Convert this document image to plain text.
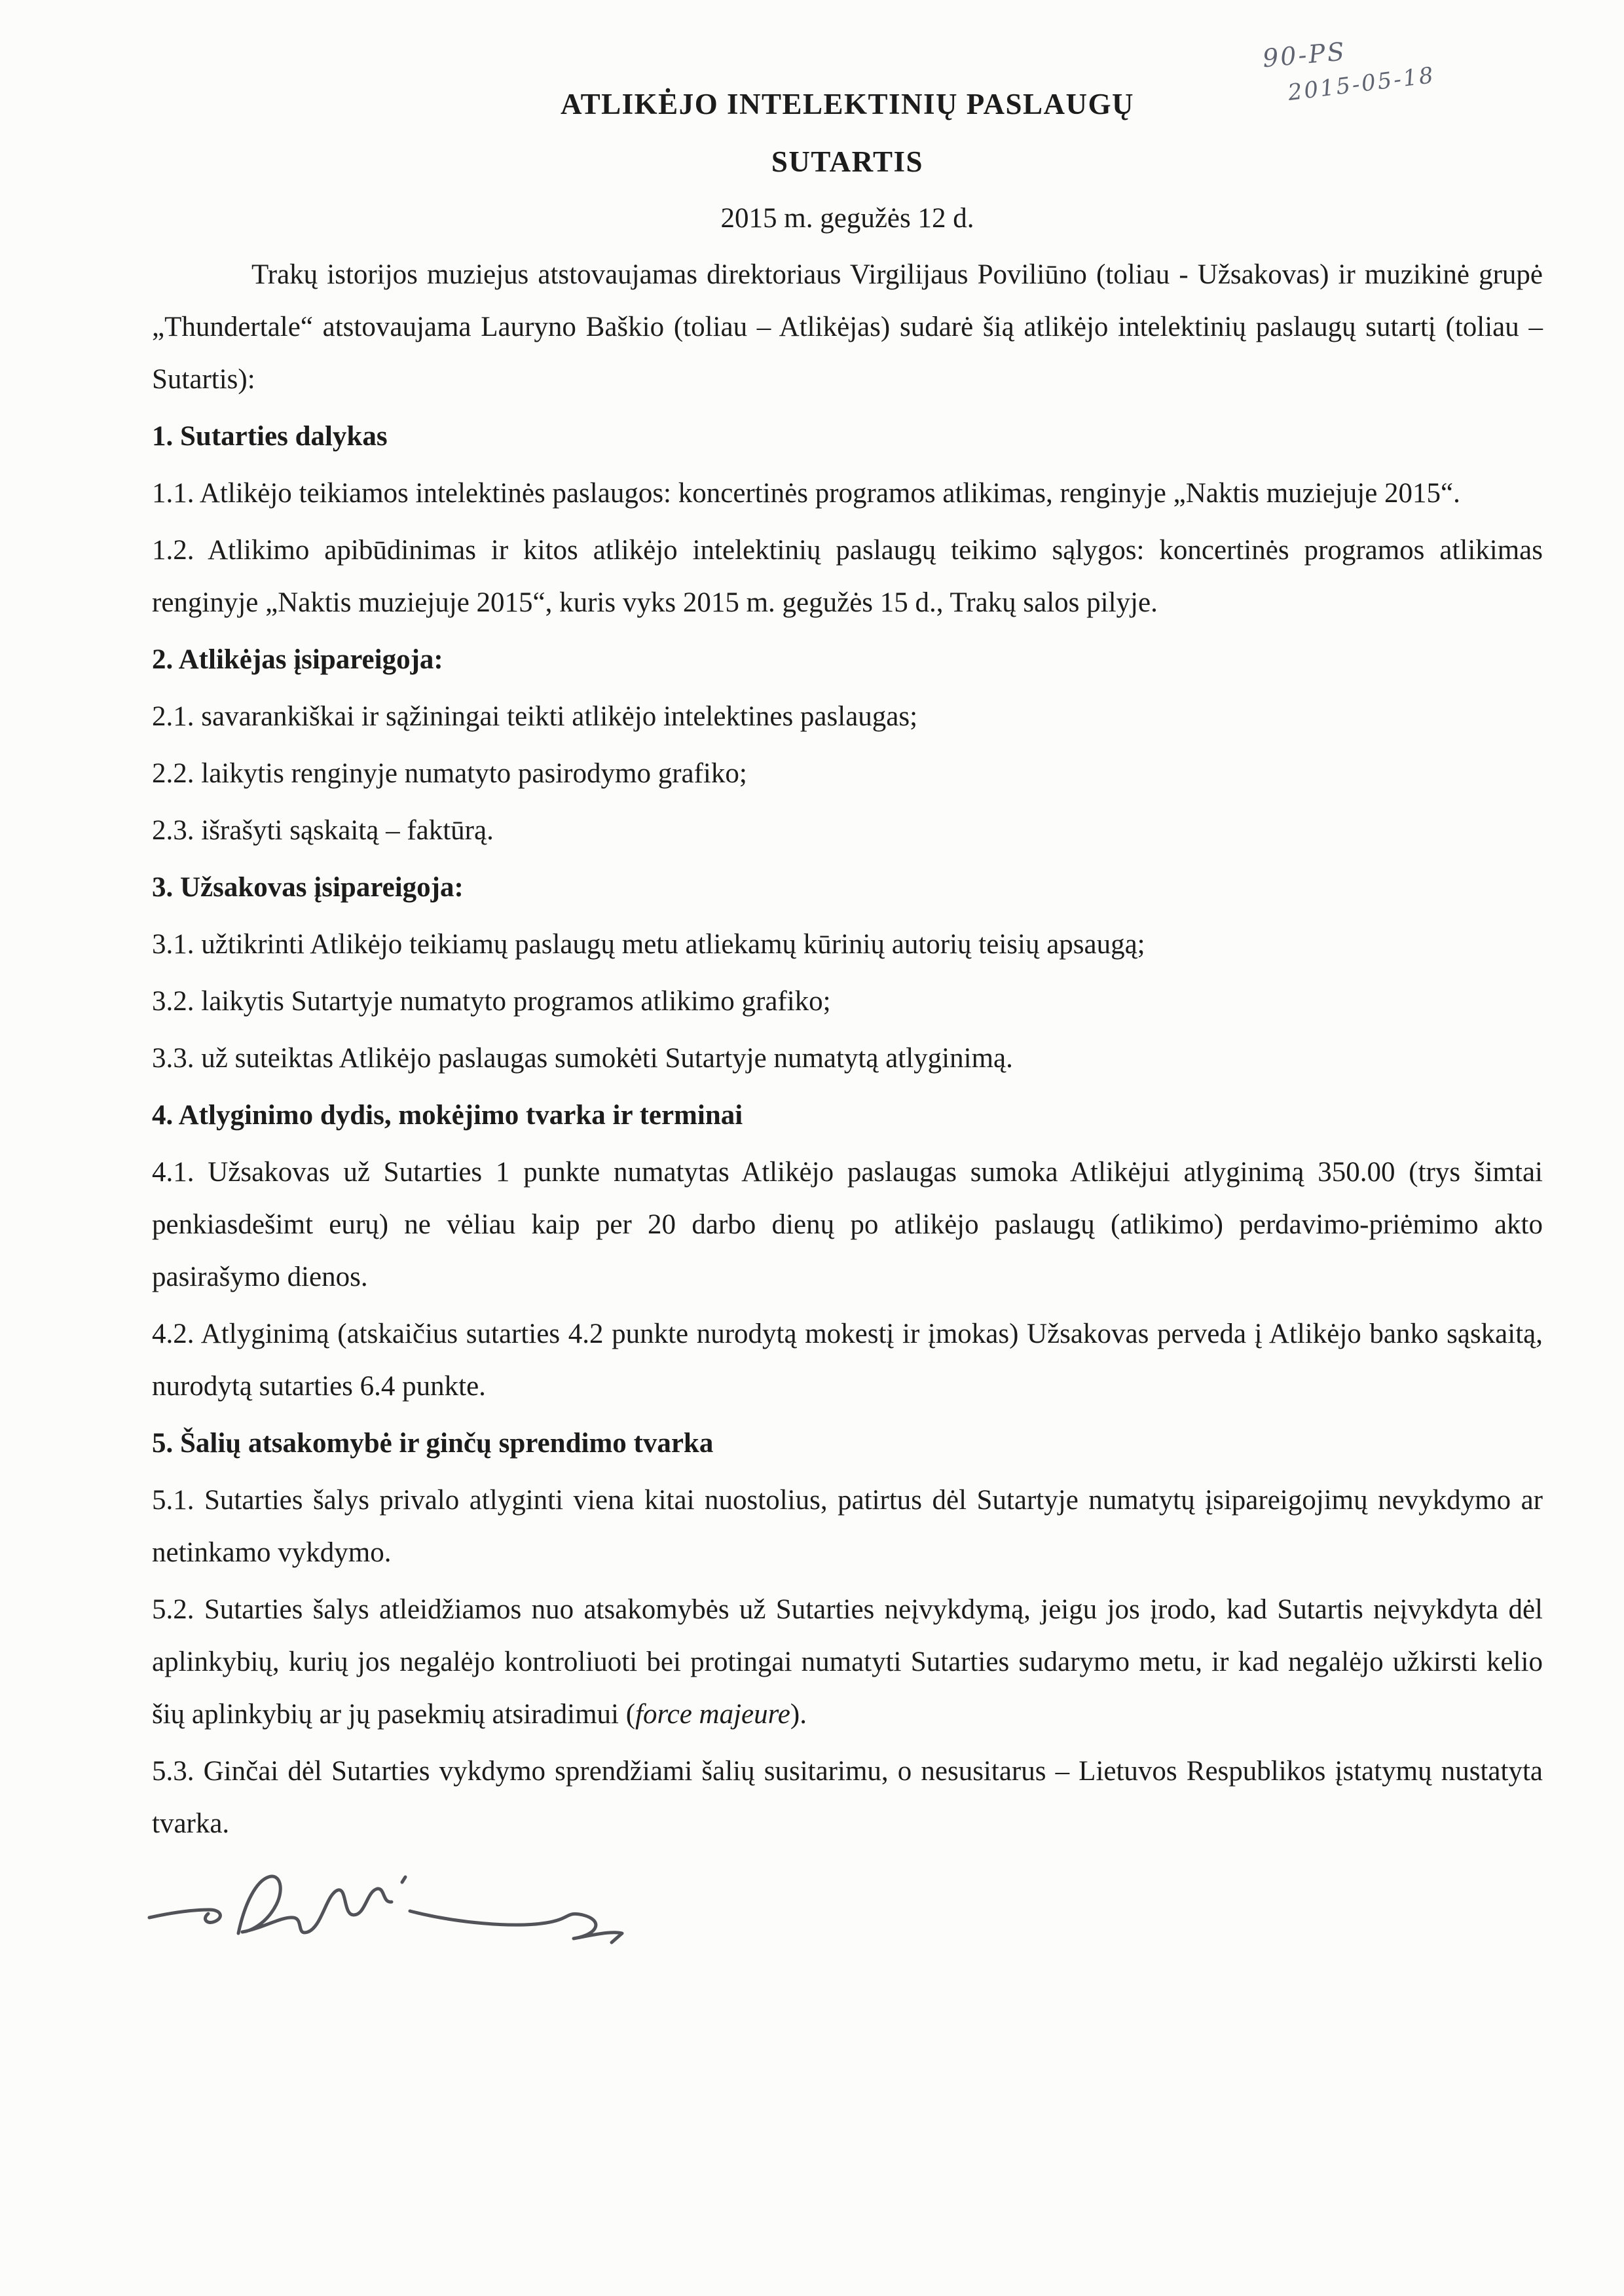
90-PS
2015-05-18
ATLIKĖJO INTELEKTINIŲ PASLAUGŲ
SUTARTIS

2015 m. gegužės 12 d.

Trakų istorijos muziejus atstovaujamas direktoriaus Virgilijaus Poviliūno (toliau - Užsakovas) ir muzikinė grupė „Thundertale“ atstovaujama Lauryno Baškio (toliau – Atlikėjas) sudarė šią atlikėjo intelektinių paslaugų sutartį (toliau – Sutartis):

1. Sutarties dalykas

1.1. Atlikėjo teikiamos intelektinės paslaugos: koncertinės programos atlikimas, renginyje „Naktis muziejuje 2015“.

1.2. Atlikimo apibūdinimas ir kitos atlikėjo intelektinių paslaugų teikimo sąlygos: koncertinės programos atlikimas renginyje „Naktis muziejuje 2015“, kuris vyks 2015 m. gegužės 15 d., Trakų salos pilyje.

2. Atlikėjas įsipareigoja:

2.1. savarankiškai ir sąžiningai teikti atlikėjo intelektines paslaugas;

2.2. laikytis renginyje numatyto pasirodymo grafiko;

2.3. išrašyti sąskaitą – faktūrą.

3. Užsakovas įsipareigoja:

3.1. užtikrinti Atlikėjo teikiamų paslaugų metu atliekamų kūrinių autorių teisių apsaugą;

3.2. laikytis Sutartyje numatyto programos atlikimo grafiko;

3.3. už suteiktas Atlikėjo paslaugas sumokėti Sutartyje numatytą atlyginimą.

4. Atlyginimo dydis, mokėjimo tvarka ir terminai

4.1. Užsakovas už Sutarties 1 punkte numatytas Atlikėjo paslaugas sumoka Atlikėjui atlyginimą 350.00 (trys šimtai penkiasdešimt eurų) ne vėliau kaip per 20 darbo dienų po atlikėjo paslaugų (atlikimo) perdavimo-priėmimo akto pasirašymo dienos.

4.2. Atlyginimą (atskaičius sutarties 4.2 punkte nurodytą mokestį ir įmokas) Užsakovas perveda į Atlikėjo banko sąskaitą, nurodytą sutarties 6.4 punkte.

5. Šalių atsakomybė ir ginčų sprendimo tvarka

5.1. Sutarties šalys privalo atlyginti viena kitai nuostolius, patirtus dėl Sutartyje numatytų įsipareigojimų nevykdymo ar netinkamo vykdymo.

5.2. Sutarties šalys atleidžiamos nuo atsakomybės už Sutarties neįvykdymą, jeigu jos įrodo, kad Sutartis neįvykdyta dėl aplinkybių, kurių jos negalėjo kontroliuoti bei protingai numatyti Sutarties sudarymo metu, ir kad negalėjo užkirsti kelio šių aplinkybių ar jų pasekmių atsiradimui (force majeure).

5.3. Ginčai dėl Sutarties vykdymo sprendžiami šalių susitarimu, o nesusitarus – Lietuvos Respublikos įstatymų nustatyta tvarka.
